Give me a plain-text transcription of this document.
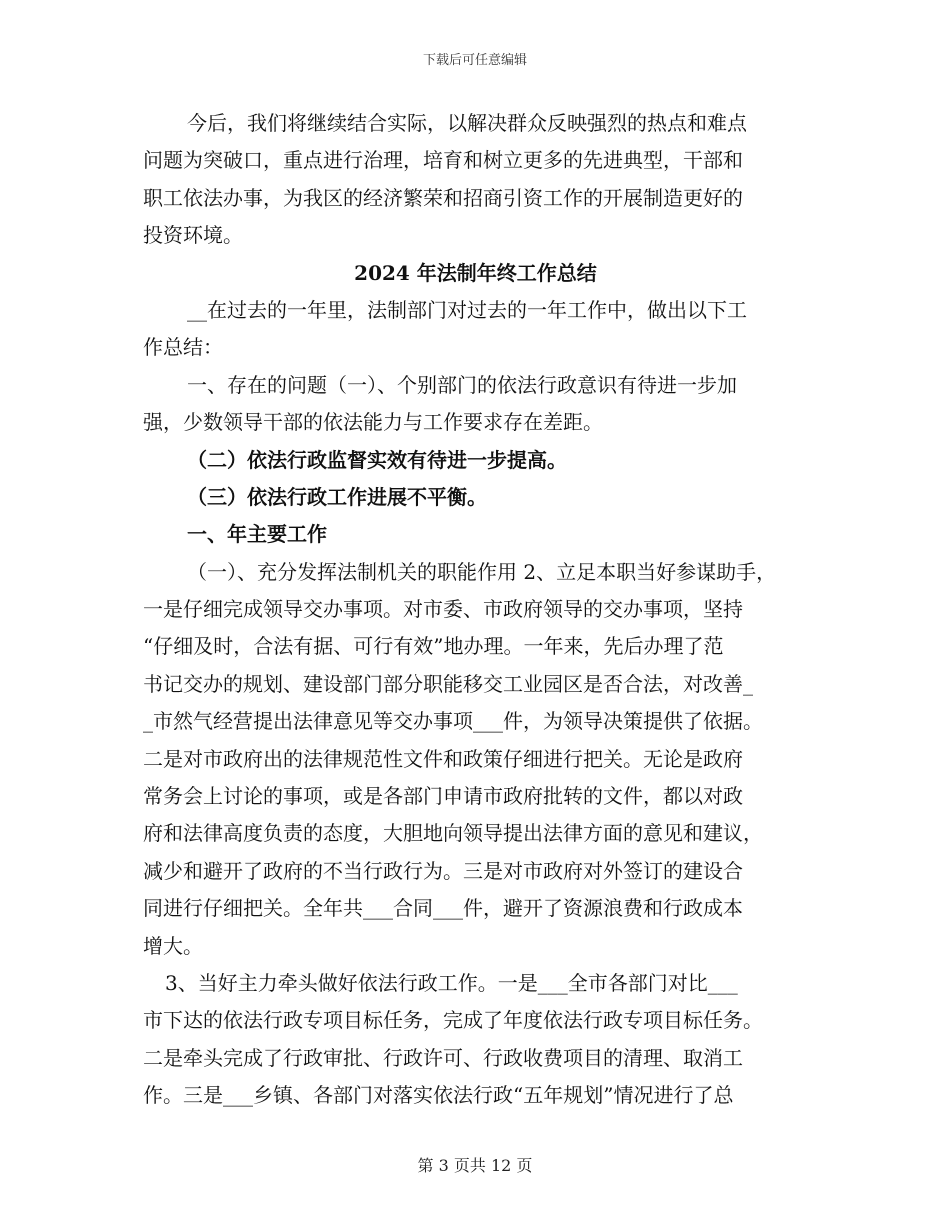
下载后可任意编辑
今后，我们将继续结合实际，以解决群众反映强烈的热点和难点
问题为突破口，重点进行治理，培育和树立更多的先进典型，干部和
职工依法办事，为我区的经济繁荣和招商引资工作的开展制造更好的
投资环境。
2024 年法制年终工作总结
__在过去的一年里，法制部门对过去的一年工作中，做出以下工
作总结：
一、存在的问题（一）、个别部门的依法行政意识有待进一步加
强，少数领导干部的依法能力与工作要求存在差距。
（二）依法行政监督实效有待进一步提高。
（三）依法行政工作进展不平衡。
一、年主要工作
（一）、充分发挥法制机关的职能作用 2、立足本职当好参谋助手，
一是仔细完成领导交办事项。对市委、市政府领导的交办事项，坚持
“仔细及时，合法有据、可行有效”地办理。一年来，先后办理了范
书记交办的规划、建设部门部分职能移交工业园区是否合法，对改善_
_市然气经营提出法律意见等交办事项___件，为领导决策提供了依据。
二是对市政府出的法律规范性文件和政策仔细进行把关。无论是政府
常务会上讨论的事项，或是各部门申请市政府批转的文件，都以对政
府和法律高度负责的态度，大胆地向领导提出法律方面的意见和建议，
减少和避开了政府的不当行政行为。三是对市政府对外签订的建设合
同进行仔细把关。全年共___合同___件，避开了资源浪费和行政成本
增大。
3、当好主力牵头做好依法行政工作。一是___全市各部门对比___
市下达的依法行政专项目标任务，完成了年度依法行政专项目标任务。
二是牵头完成了行政审批、行政许可、行政收费项目的清理、取消工
作。三是___乡镇、各部门对落实依法行政“五年规划”情况进行了总
第 3 页共 12 页
